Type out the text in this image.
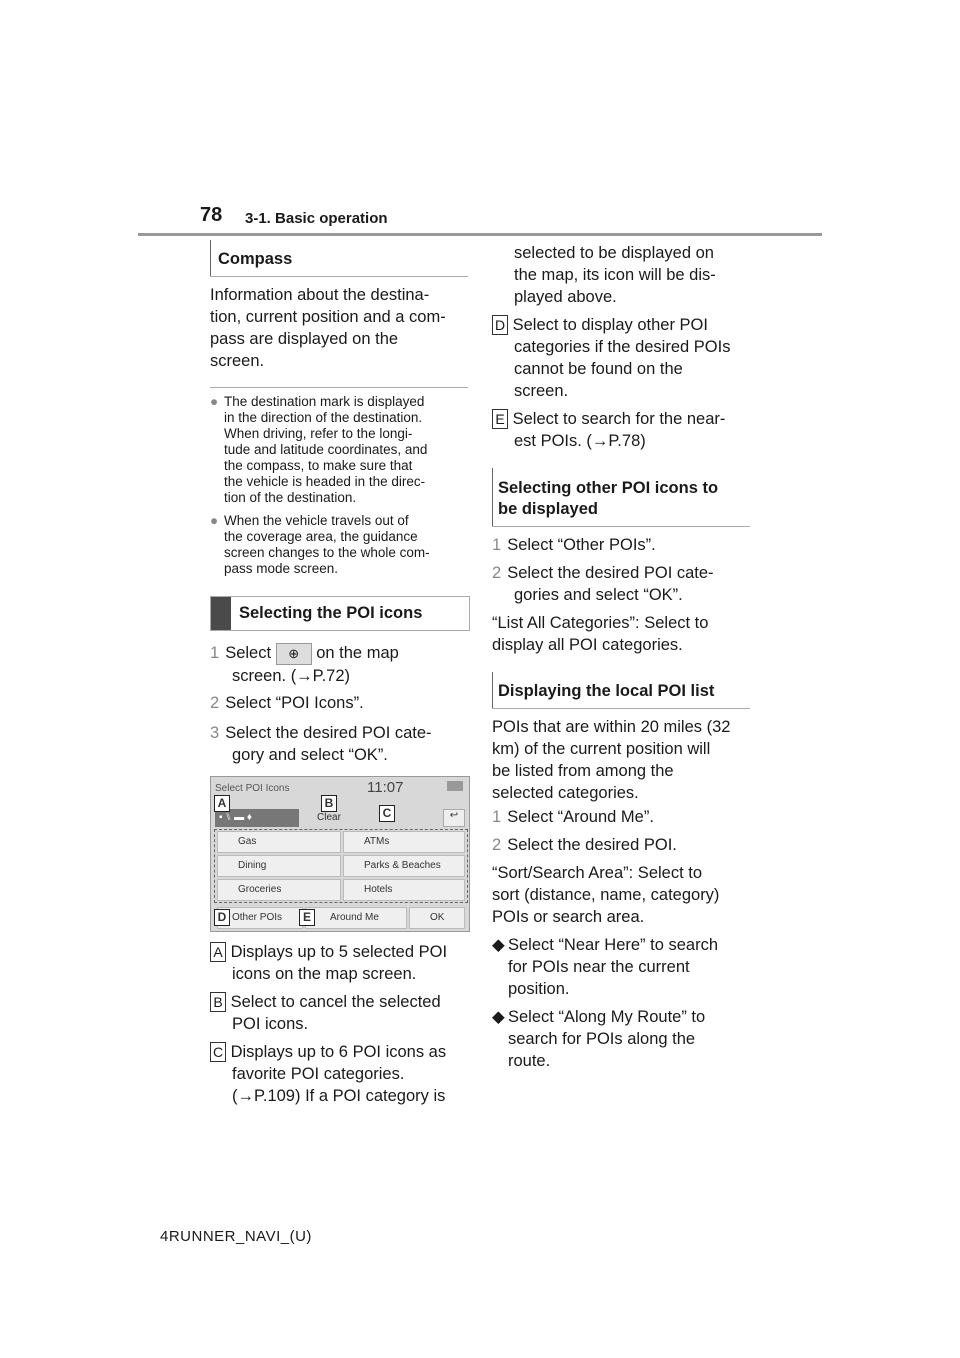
78 3-1. Basic operation
Compass
Information about the destina-
tion, current position and a com-
pass are displayed on the
screen.
● The destination mark is displayed
in the direction of the destination.
When driving, refer to the longi-
tude and latitude coordinates, and
the compass, to make sure that
the vehicle is headed in the direc-
tion of the destination.
● When the vehicle travels out of
the coverage area, the guidance
screen changes to the whole com-
pass mode screen.
Selecting the POI icons
1 Select ⊕ on the map
screen. (→P.72)
2 Select “POI Icons”.
3 Select the desired POI cate-
gory and select “OK”.
Select POI Icons	11:07
▪ ⑊ ▬ ♦	Clear	↩
Gas	ATMs
Dining	Parks & Beaches
Groceries	Hotels
Other POIs	Around Me	OK
A	B
C
D	E
A Displays up to 5 selected POI
icons on the map screen.
B Select to cancel the selected
POI icons.
C Displays up to 6 POI icons as
favorite POI categories.
(→P.109) If a POI category is
selected to be displayed on
the map, its icon will be dis-
played above.
D Select to display other POI
categories if the desired POIs
cannot be found on the
screen.
E Select to search for the near-
est POIs. (→P.78)
Selecting other POI icons to
be displayed
1 Select “Other POIs”.
2 Select the desired POI cate-
gories and select “OK”.
“List All Categories”: Select to
display all POI categories.
Displaying the local POI list
POIs that are within 20 miles (32
km) of the current position will
be listed from among the
selected categories.
1 Select “Around Me”.
2 Select the desired POI.
“Sort/Search Area”: Select to
sort (distance, name, category)
POIs or search area.
◆ Select “Near Here” to search
for POIs near the current
position.
◆ Select “Along My Route” to
search for POIs along the
route.
4RUNNER_NAVI_(U)
